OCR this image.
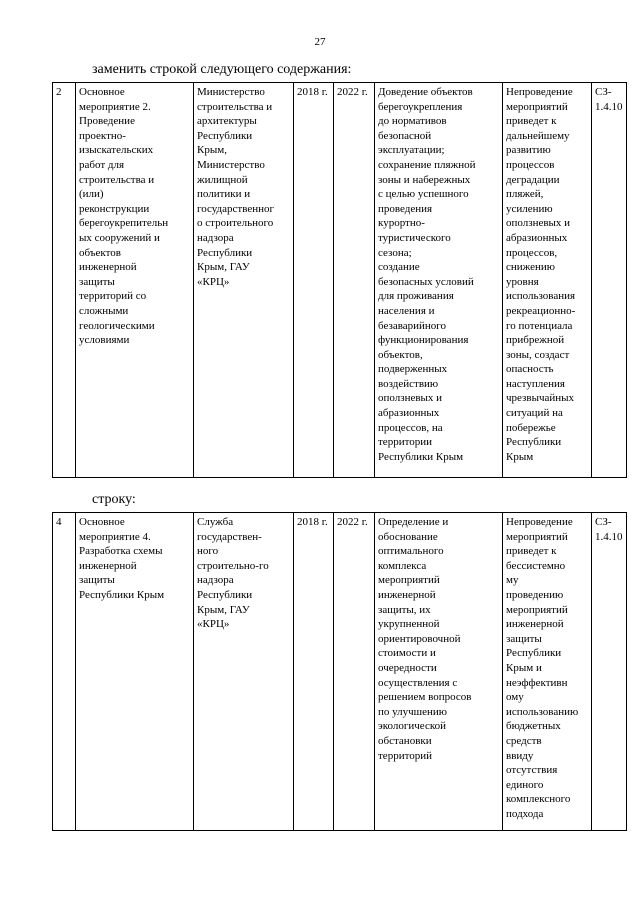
27
заменить строкой следующего содержания:
2	Основное
мероприятие 2.
Проведение
проектно-
изыскательских
работ для
строительства и
(или)
реконструкции
берегоукрепительн
ых сооружений и
объектов
инженерной
защиты
территорий со
сложными
геологическими
условиями	Министерство
строительства и
архитектуры
Республики
Крым,
Министерство
жилищной
политики и
государственног
о строительного
надзора
Республики
Крым, ГАУ
«КРЦ»	2018 г.	2022 г.	Доведение объектов
берегоукрепления
до нормативов
безопасной
эксплуатации;
сохранение пляжной
зоны и набережных
с целью успешного
проведения
курортно-
туристического
сезона;
создание
безопасных условий
для проживания
населения и
безаварийного
функционирования
объектов,
подверженных
воздействию
оползневых и
абразионных
процессов, на
территории
Республики Крым	Непроведение
мероприятий
приведет к
дальнейшему
развитию
процессов
деградации
пляжей,
усилению
оползневых и
абразионных
процессов,
снижению
уровня
использования
рекреационно-
го потенциала
прибрежной
зоны, создаст
опасность
наступления
чрезвычайных
ситуаций на
побережье
Республики
Крым	СЗ-
1.4.10
строку:
4	Основное
мероприятие 4.
Разработка схемы
инженерной
защиты
Республики Крым	Служба
государствен-
ного
строительно-го
надзора
Республики
Крым, ГАУ
«КРЦ»	2018 г.	2022 г.	Определение и
обоснование
оптимального
комплекса
мероприятий
инженерной
защиты, их
укрупненной
ориентировочной
стоимости и
очередности
осуществления с
решением вопросов
по улучшению
экологической
обстановки
территорий	Непроведение
мероприятий
приведет к
бессистемно
му
проведению
мероприятий
инженерной
защиты
Республики
Крым и
неэффективн
ому
использованию
бюджетных
средств
ввиду
отсутствия
единого
комплексного
подхода	СЗ-
1.4.10
